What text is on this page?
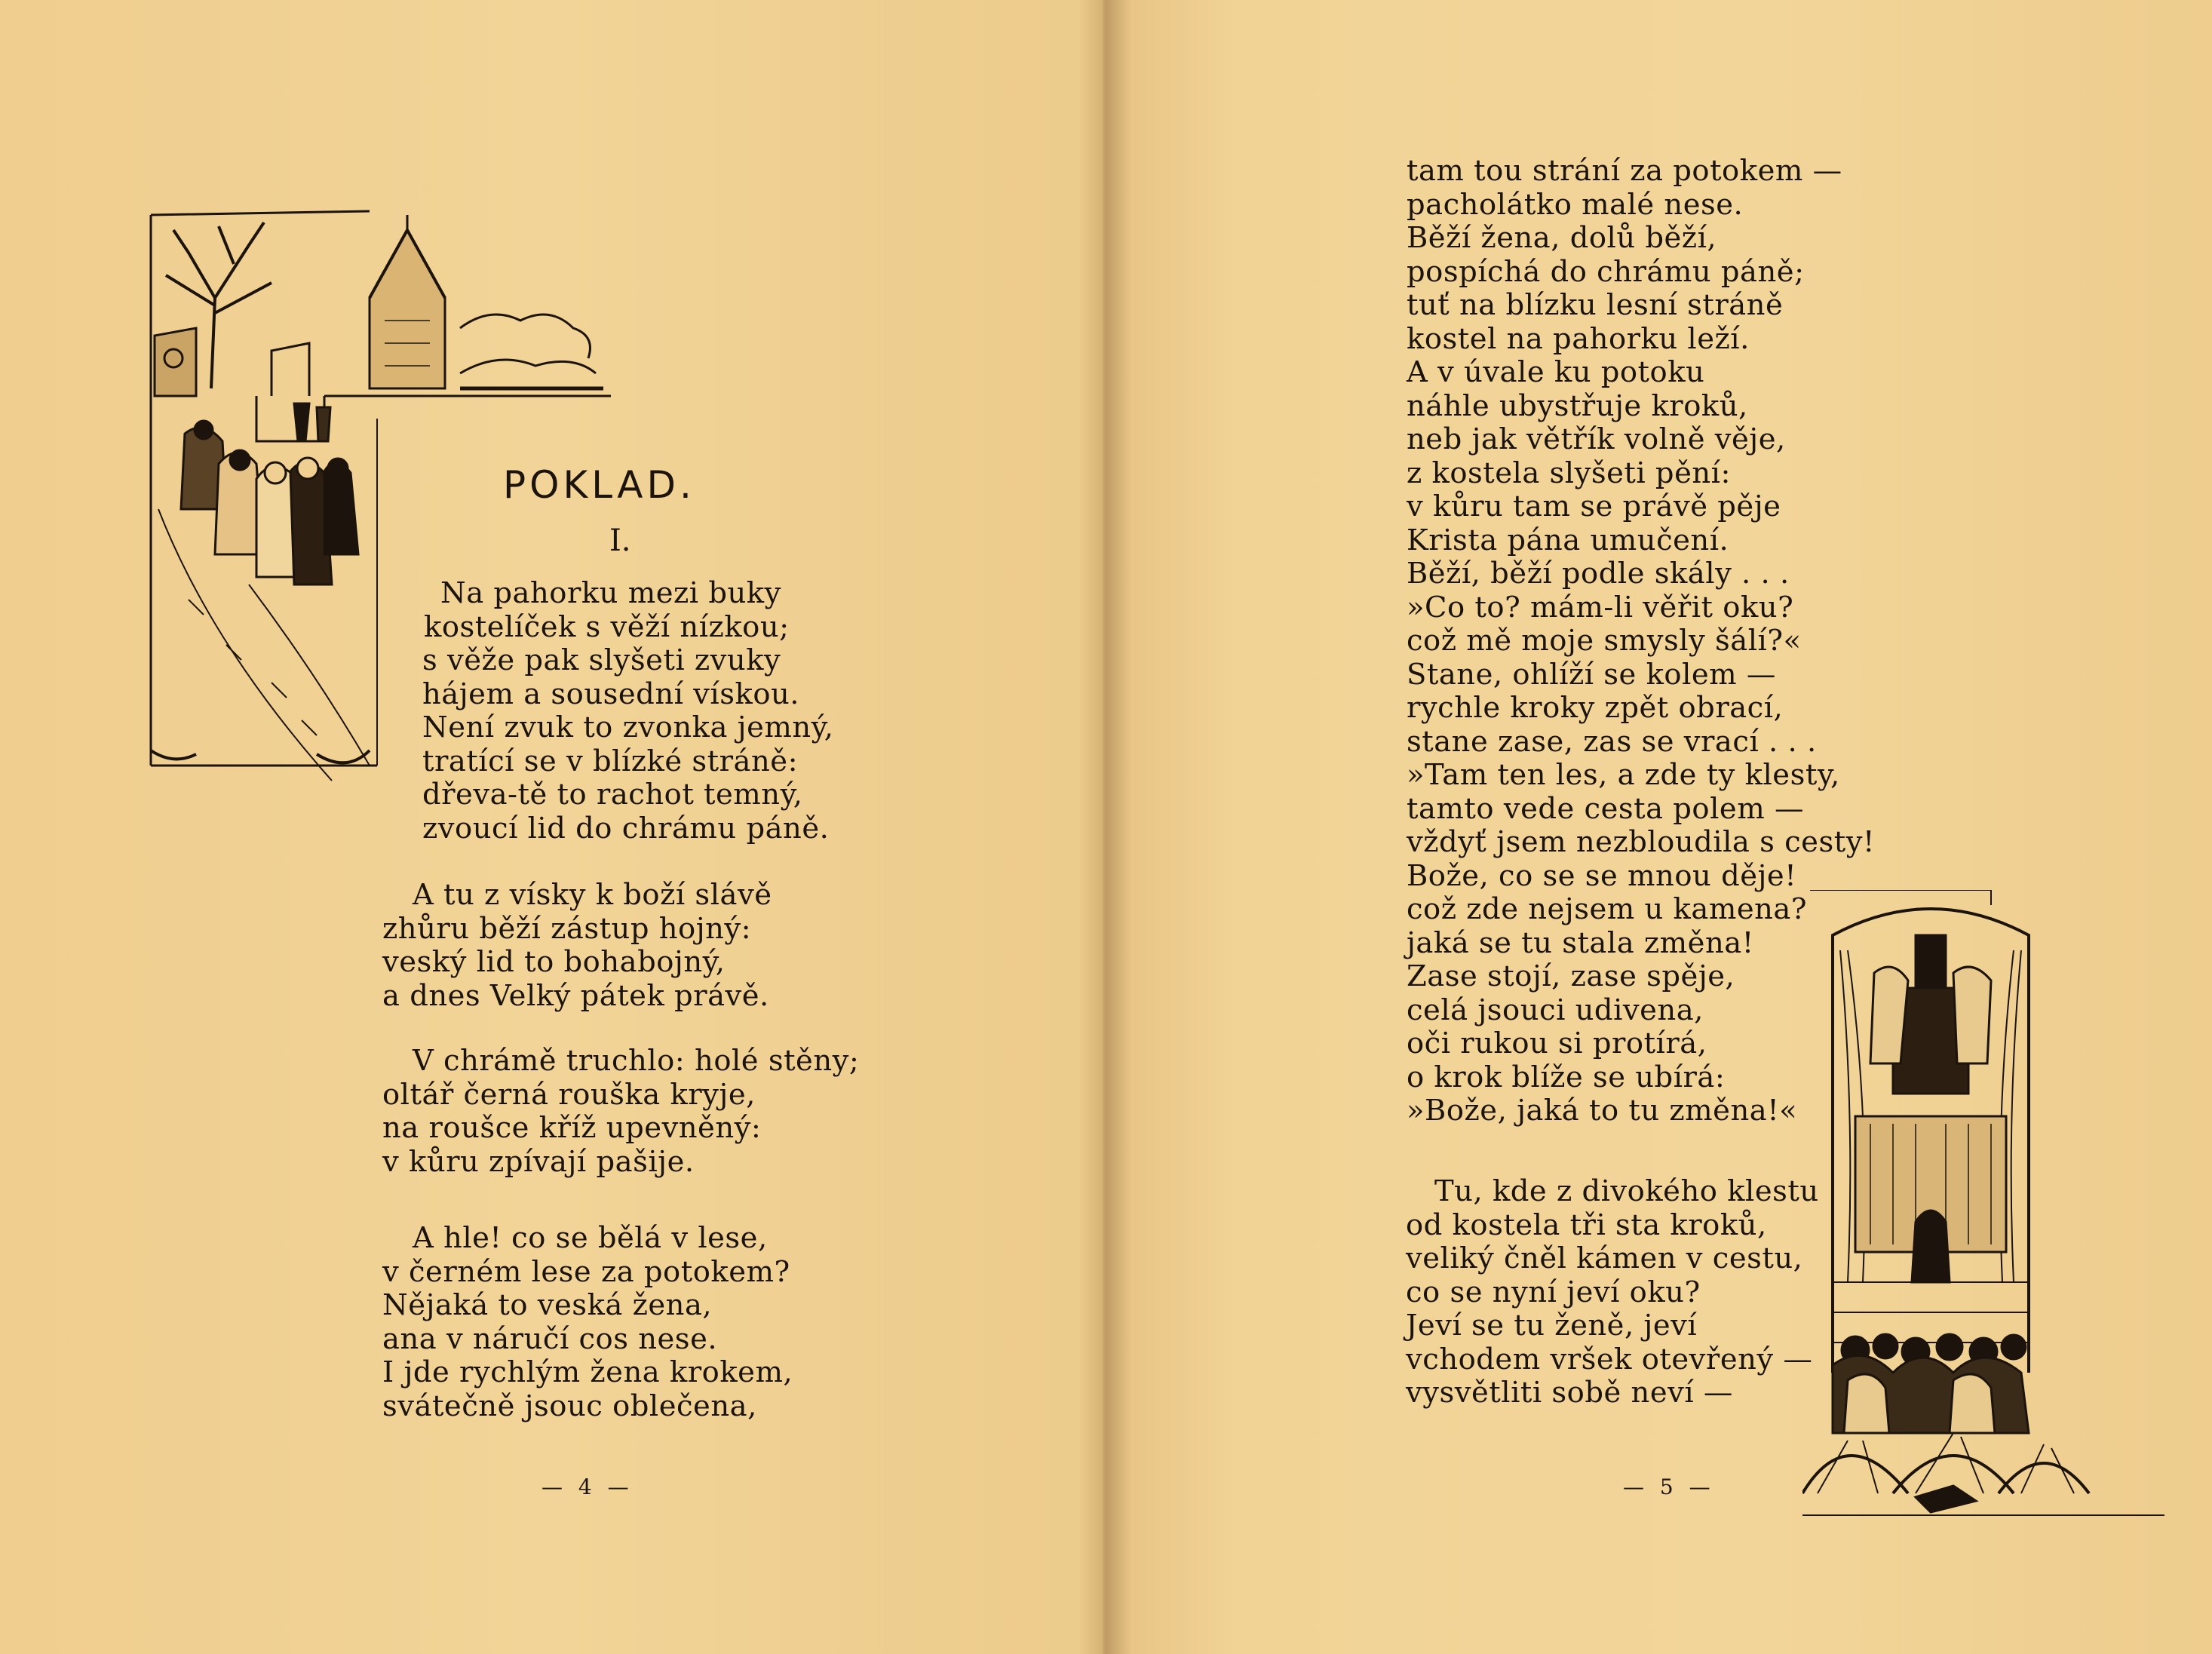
POKLAD.
I.
Na pahorku mezi buky
kostelíček s věží nízkou;
s věže pak slyšeti zvuky
hájem a sousední vískou.
Není zvuk to zvonka jemný,
tratící se v blízké stráně:
dřeva-tě to rachot temný,
zvoucí lid do chrámu páně.
A tu z vísky k boží slávě
zhůru běží zástup hojný:
veský lid to bohabojný,
a dnes Velký pátek právě.
V chrámě truchlo: holé stěny;
oltář černá rouška kryje,
na roušce kříž upevněný:
v kůru zpívají pašije.
A hle! co se bělá v lese,
v černém lese za potokem?
Nějaká to veská žena,
ana v náručí cos nese.
I jde rychlým žena krokem,
svátečně jsouc oblečena,
— 4 —
tam tou strání za potokem —
pacholátko malé nese.
Běží žena, dolů běží,
pospíchá do chrámu páně;
tuť na blízku lesní stráně
kostel na pahorku leží.
A v úvale ku potoku
náhle ubystřuje kroků,
neb jak větřík volně věje,
z kostela slyšeti pění:
v kůru tam se právě pěje
Krista pána umučení.
Běží, běží podle skály . . .
»Co to? mám-li věřit oku?
což mě moje smysly šálí?«
Stane, ohlíží se kolem —
rychle kroky zpět obrací,
stane zase, zas se vrací . . .
»Tam ten les, a zde ty klesty,
tamto vede cesta polem —
vždyť jsem nezbloudila s cesty!
Bože, co se se mnou děje!
což zde nejsem u kamena?
jaká se tu stala změna!
Zase stojí, zase spěje,
celá jsouci udivena,
oči rukou si protírá,
o krok blíže se ubírá:
»Bože, jaká to tu změna!«
Tu, kde z divokého klestu
od kostela tři sta kroků,
veliký čněl kámen v cestu,
co se nyní jeví oku?
Jeví se tu ženě, jeví
vchodem vršek otevřený —
vysvětliti sobě neví —
— 5 —
